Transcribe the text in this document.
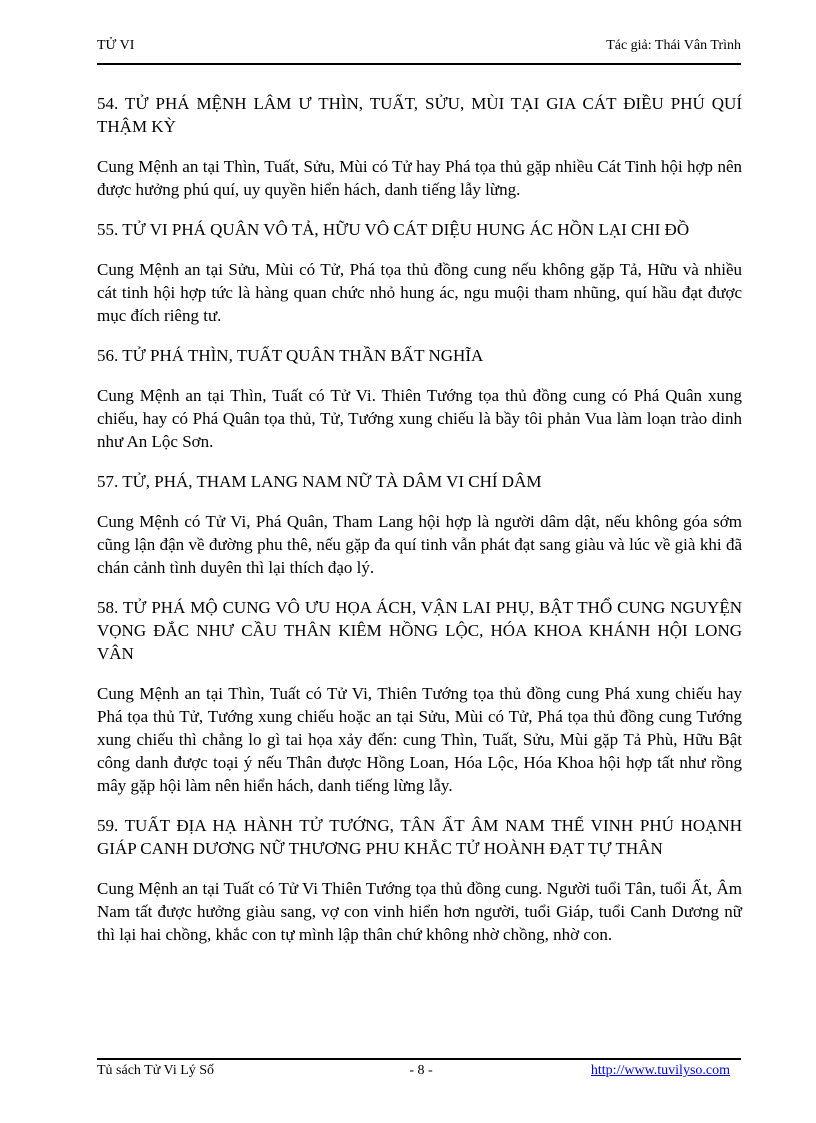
TỬ VI	Tác giả: Thái Vân Trình
54. TỬ PHÁ MỆNH LÂM Ư THÌN, TUẤT, SỬU, MÙI TẠI GIA CÁT ĐIỀU PHÚ QUÍ THẬM KỲ

Cung Mệnh an tại Thìn, Tuất, Sửu, Mùi có Tử hay Phá tọa thủ gặp nhiều Cát Tinh hội hợp nên được hưởng phú quí, uy quyền hiển hách, danh tiếng lẫy lừng.

55. TỬ VI PHÁ QUÂN VÔ TẢ, HỮU VÔ CÁT DIỆU HUNG ÁC HỒN LẠI CHI ĐỒ

Cung Mệnh an tại Sửu, Mùi có Tử, Phá tọa thủ đồng cung nếu không gặp Tả, Hữu và nhiều cát tinh hội hợp tức là hàng quan chức nhỏ hung ác, ngu muội tham nhũng, quí hầu đạt được mục đích riêng tư.

56. TỬ PHÁ THÌN, TUẤT QUÂN THẦN BẤT NGHĨA

Cung Mệnh an tại Thìn, Tuất có Tử Vi. Thiên Tướng tọa thủ đồng cung có Phá Quân xung chiếu, hay có Phá Quân tọa thủ, Tử, Tướng xung chiếu là bầy tôi phản Vua làm loạn trào dinh như An Lộc Sơn.

57. TỬ, PHÁ, THAM LANG NAM NỮ TÀ DÂM VI CHÍ DÂM

Cung Mệnh có Tử Vi, Phá Quân, Tham Lang hội hợp là người dâm dật, nếu không góa sớm cũng lận đận về đường phu thê, nếu gặp đa quí tinh vẫn phát đạt sang giàu và lúc về già khi đã chán cảnh tình duyên thì lại thích đạo lý.

58. TỬ PHÁ MỘ CUNG VÔ ƯU HỌA ÁCH, VẬN LAI PHỤ, BẬT THỔ CUNG NGUYỆN VỌNG ĐẮC NHƯ CẦU THÂN KIÊM HỒNG LỘC, HÓA KHOA KHÁNH HỘI LONG VÂN

Cung Mệnh an tại Thìn, Tuất có Tử Vi, Thiên Tướng tọa thủ đồng cung Phá xung chiếu hay Phá tọa thủ Tử, Tướng xung chiếu hoặc an tại Sửu, Mùi có Tử, Phá tọa thủ đồng cung Tướng xung chiếu thì chẳng lo gì tai họa xảy đến: cung Thìn, Tuất, Sửu, Mùi gặp Tả Phù, Hữu Bật công danh được toại ý nếu Thân được Hồng Loan, Hóa Lộc, Hóa Khoa hội hợp tất như rồng mây gặp hội làm nên hiển hách, danh tiếng lừng lẫy.

59. TUẤT ĐỊA HẠ HÀNH TỬ TƯỚNG, TÂN ẤT ÂM NAM THẾ VINH PHÚ HOẠNH GIÁP CANH DƯƠNG NỮ THƯƠNG PHU KHẮC TỬ HOÀNH ĐẠT TỰ THÂN

Cung Mệnh an tại Tuất có Tử Vi Thiên Tướng tọa thủ đồng cung. Người tuổi Tân, tuổi Ất, Âm Nam tất được hưởng giàu sang, vợ con vinh hiển hơn người, tuổi Giáp, tuổi Canh Dương nữ thì lại hai chồng, khắc con tự mình lập thân chứ không nhờ chồng, nhờ con.

Tủ sách Tử Vi Lý Số	- 8 -	http://www.tuvilyso.com
